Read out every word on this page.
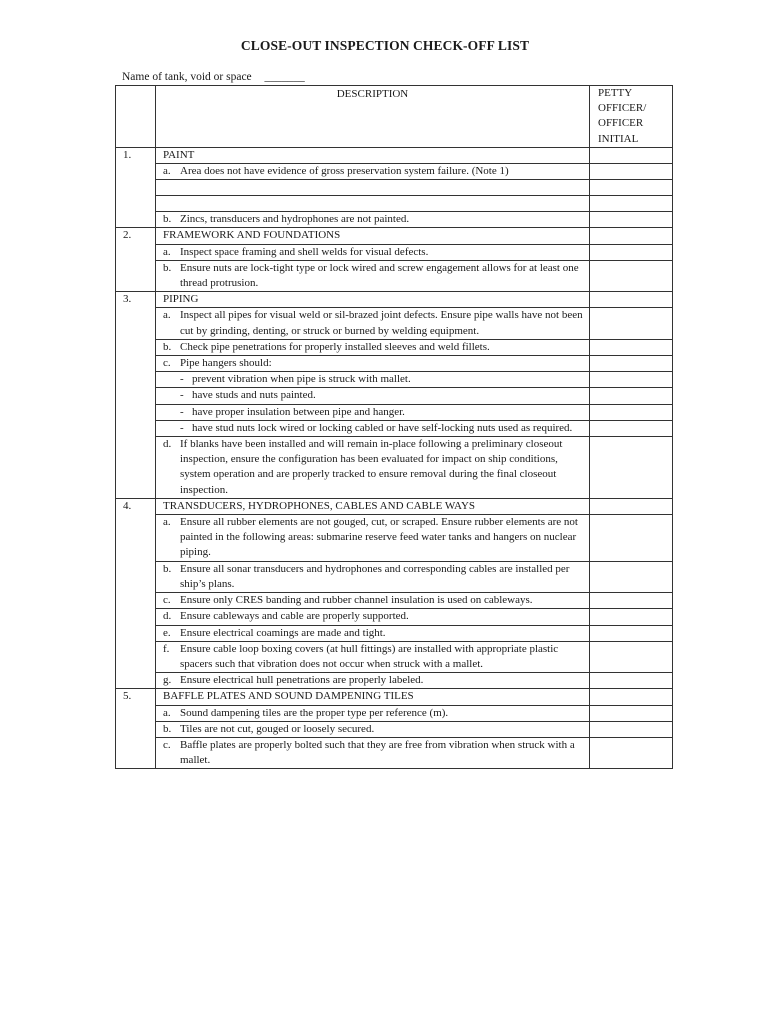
CLOSE-OUT INSPECTION CHECK-OFF LIST
Name of tank, void or space _______
	DESCRIPTION	PETTY
OFFICER/
OFFICER
INITIAL

1.	PAINT	
	a. Area does not have evidence of gross preservation system failure. (Note 1)	

	b. Zincs, transducers and hydrophones are not painted.	
2.	FRAMEWORK AND FOUNDATIONS	
	a. Inspect space framing and shell welds for visual defects.	
	b. Ensure nuts are lock-tight type or lock wired and screw engagement allows for at least one thread protrusion.	
3.	PIPING	
	a. Inspect all pipes for visual weld or sil-brazed joint defects. Ensure pipe walls have not been cut by grinding, denting, or struck or burned by welding equipment.	
	b. Check pipe penetrations for properly installed sleeves and weld fillets.	
	c. Pipe hangers should:	
	- prevent vibration when pipe is struck with mallet.	
	- have studs and nuts painted.	
	- have proper insulation between pipe and hanger.	
	- have stud nuts lock wired or locking cabled or have self-locking nuts used as required.	
	d. If blanks have been installed and will remain in-place following a preliminary closeout inspection, ensure the configuration has been evaluated for impact on ship conditions, system operation and are properly tracked to ensure removal during the final closeout inspection.	
4.	TRANSDUCERS, HYDROPHONES, CABLES AND CABLE WAYS	
	a. Ensure all rubber elements are not gouged, cut, or scraped. Ensure rubber elements are not painted in the following areas: submarine reserve feed water tanks and hangers on nuclear piping.	
	b. Ensure all sonar transducers and hydrophones and corresponding cables are installed per ship’s plans.	
	c. Ensure only CRES banding and rubber channel insulation is used on cableways.	
	d. Ensure cableways and cable are properly supported.	
	e. Ensure electrical coamings are made and tight.	
	f. Ensure cable loop boxing covers (at hull fittings) are installed with appropriate plastic spacers such that vibration does not occur when struck with a mallet.	
	g. Ensure electrical hull penetrations are properly labeled.	
5.	BAFFLE PLATES AND SOUND DAMPENING TILES	
	a. Sound dampening tiles are the proper type per reference (m).	
	b. Tiles are not cut, gouged or loosely secured.	
	c. Baffle plates are properly bolted such that they are free from vibration when struck with a mallet.	
